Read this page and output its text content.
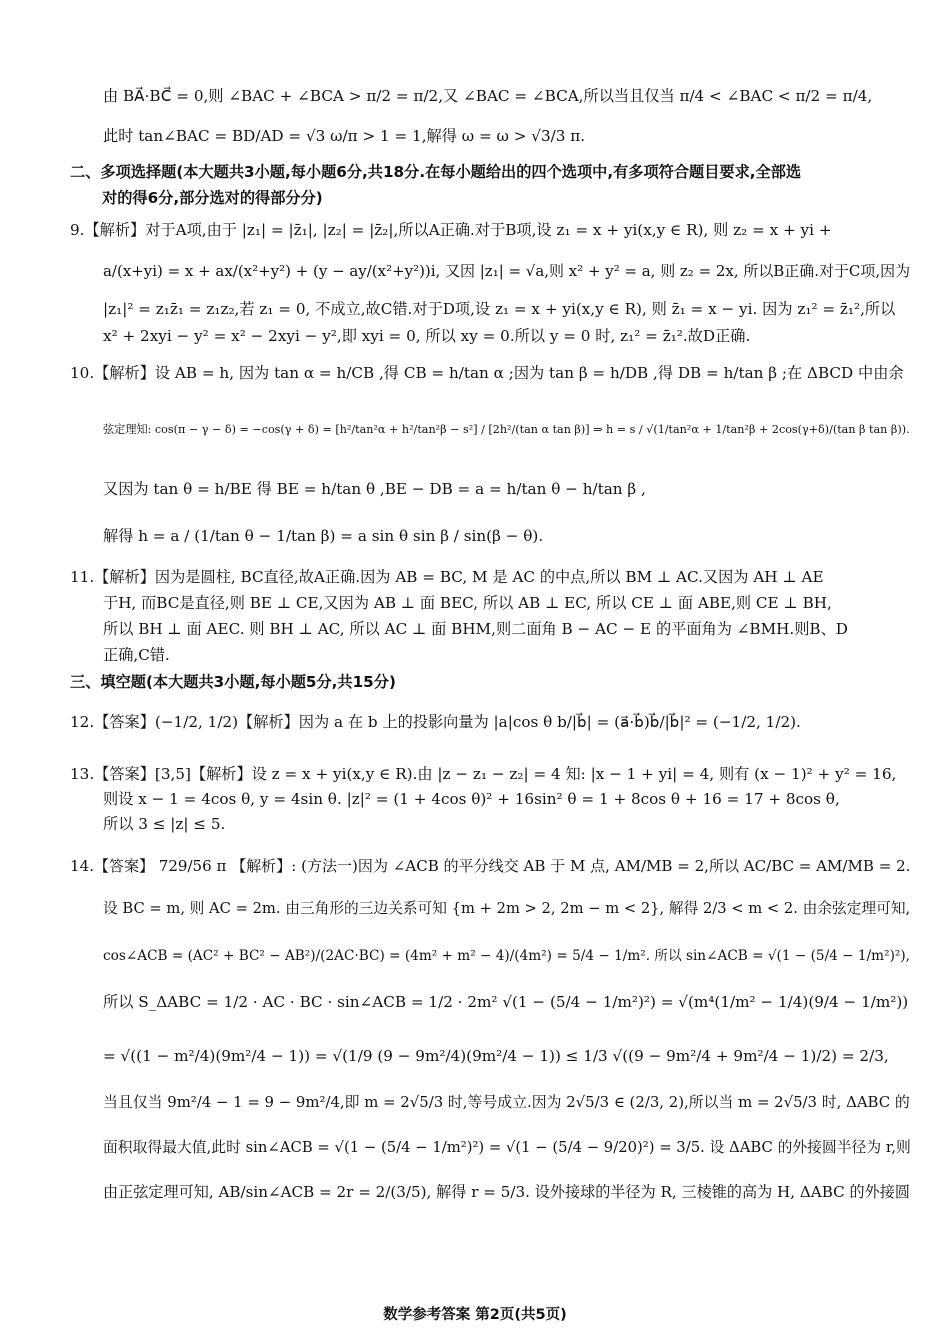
由 BA⃗·BC⃗ = 0,则 ∠BAC + ∠BCA > π/2 = π/2,又 ∠BAC = ∠BCA,所以当且仅当 π/4 < ∠BAC < π/2 = π/4,
此时 tan∠BAC = BD/AD = √3 ω/π > 1 = 1,解得 ω = ω > √3/3 π.
二、多项选择题(本大题共3小题,每小题6分,共18分.在每小题给出的四个选项中,有多项符合题目要求,全部选
对的得6分,部分选对的得部分分)
9.【解析】对于A项,由于 |z₁| = |z̄₁|, |z₂| = |z̄₂|,所以A正确.对于B项,设 z₁ = x + yi(x,y ∈ R), 则 z₂ = x + yi +
a/(x+yi) = x + ax/(x²+y²) + (y − ay/(x²+y²))i, 又因 |z₁| = √a,则 x² + y² = a, 则 z₂ = 2x, 所以B正确.对于C项,因为
|z₁|² = z₁z̄₁ = z₁z₂,若 z₁ = 0, 不成立,故C错.对于D项,设 z₁ = x + yi(x,y ∈ R), 则 z̄₁ = x − yi. 因为 z₁² = z̄₁²,所以
x² + 2xyi − y² = x² − 2xyi − y²,即 xyi = 0, 所以 xy = 0.所以 y = 0 时, z₁² = z̄₁².故D正确.
10.【解析】设 AB = h, 因为 tan α = h/CB ,得 CB = h/tan α ;因为 tan β = h/DB ,得 DB = h/tan β ;在 ΔBCD 中由余
弦定理知: cos(π − γ − δ) = −cos(γ + δ) = [h²/tan²α + h²/tan²β − s²] / [2h²/(tan α tan β)] ⇒ h = s / √(1/tan²α + 1/tan²β + 2cos(γ+δ)/(tan β tan β)).
又因为 tan θ = h/BE 得 BE = h/tan θ ,BE − DB = a = h/tan θ − h/tan β ,
解得 h = a / (1/tan θ − 1/tan β) = a sin θ sin β / sin(β − θ).
11.【解析】因为是圆柱, BC直径,故A正确.因为 AB = BC, M 是 AC 的中点,所以 BM ⊥ AC.又因为 AH ⊥ AE
于H, 而BC是直径,则 BE ⊥ CE,又因为 AB ⊥ 面 BEC, 所以 AB ⊥ EC, 所以 CE ⊥ 面 ABE,则 CE ⊥ BH,
所以 BH ⊥ 面 AEC. 则 BH ⊥ AC, 所以 AC ⊥ 面 BHM,则二面角 B − AC − E 的平面角为 ∠BMH.则B、D
正确,C错.
三、填空题(本大题共3小题,每小题5分,共15分)
12.【答案】(−1/2, 1/2)【解析】因为 a 在 b 上的投影向量为 |a|cos θ b/|b⃗| = (a⃗·b⃗)b⃗/|b⃗|² = (−1/2, 1/2).
13.【答案】[3,5]【解析】设 z = x + yi(x,y ∈ R).由 |z − z₁ − z₂| = 4 知: |x − 1 + yi| = 4, 则有 (x − 1)² + y² = 16,
则设 x − 1 = 4cos θ, y = 4sin θ. |z|² = (1 + 4cos θ)² + 16sin² θ = 1 + 8cos θ + 16 = 17 + 8cos θ,
所以 3 ≤ |z| ≤ 5.
14.【答案】 729/56 π 【解析】: (方法一)因为 ∠ACB 的平分线交 AB 于 M 点, AM/MB = 2,所以 AC/BC = AM/MB = 2.
设 BC = m, 则 AC = 2m. 由三角形的三边关系可知 {m + 2m > 2, 2m − m < 2}, 解得 2/3 < m < 2. 由余弦定理可知,
cos∠ACB = (AC² + BC² − AB²)/(2AC·BC) = (4m² + m² − 4)/(4m²) = 5/4 − 1/m². 所以 sin∠ACB = √(1 − (5/4 − 1/m²)²),
所以 S_ΔABC = 1/2 · AC · BC · sin∠ACB = 1/2 · 2m² √(1 − (5/4 − 1/m²)²) = √(m⁴(1/m² − 1/4)(9/4 − 1/m²))
= √((1 − m²/4)(9m²/4 − 1)) = √(1/9 (9 − 9m²/4)(9m²/4 − 1)) ≤ 1/3 √((9 − 9m²/4 + 9m²/4 − 1)/2) = 2/3,
当且仅当 9m²/4 − 1 = 9 − 9m²/4,即 m = 2√5/3 时,等号成立.因为 2√5/3 ∈ (2/3, 2),所以当 m = 2√5/3 时, ΔABC 的
面积取得最大值,此时 sin∠ACB = √(1 − (5/4 − 1/m²)²) = √(1 − (5/4 − 9/20)²) = 3/5. 设 ΔABC 的外接圆半径为 r,则
由正弦定理可知, AB/sin∠ACB = 2r = 2/(3/5), 解得 r = 5/3. 设外接球的半径为 R, 三棱锥的高为 H, ΔABC 的外接圆
数学参考答案 第2页(共5页)
